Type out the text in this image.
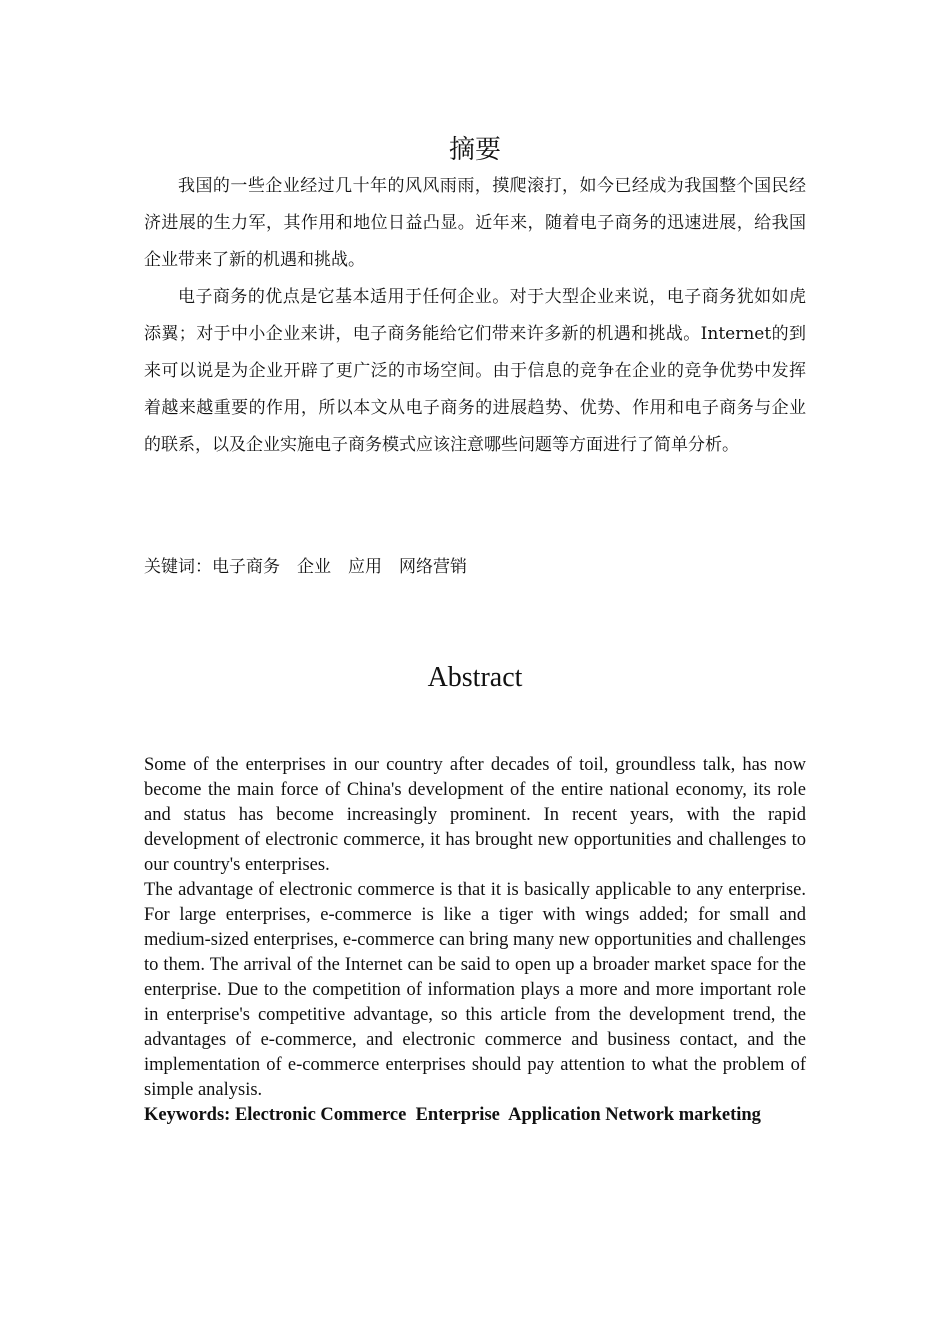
摘要

我国的一些企业经过几十年的风风雨雨，摸爬滚打，如今已经成为我国整个国民经济进展的生力军，其作用和地位日益凸显。近年来，随着电子商务的迅速进展，给我国企业带来了新的机遇和挑战。

电子商务的优点是它基本适用于任何企业。对于大型企业来说，电子商务犹如如虎添翼；对于中小企业来讲，电子商务能给它们带来许多新的机遇和挑战。Internet的到来可以说是为企业开辟了更广泛的市场空间。由于信息的竞争在企业的竞争优势中发挥着越来越重要的作用，所以本文从电子商务的进展趋势、优势、作用和电子商务与企业的联系，以及企业实施电子商务模式应该注意哪些问题等方面进行了简单分析。

关键词：电子商务　企业　应用　网络营销
Abstract

Some of the enterprises in our country after decades of toil, groundless talk, has now become the main force of China's development of the entire national economy, its role and status has become increasingly prominent. In recent years, with the rapid development of electronic commerce, it has brought new opportunities and challenges to our country's enterprises.

The advantage of electronic commerce is that it is basically applicable to any enterprise. For large enterprises, e-commerce is like a tiger with wings added; for small and medium-sized enterprises, e-commerce can bring many new opportunities and challenges to them. The arrival of the Internet can be said to open up a broader market space for the enterprise. Due to the competition of information plays a more and more important role in enterprise's competitive advantage, so this article from the development trend, the advantages of e-commerce, and electronic commerce and business contact, and the implementation of e-commerce enterprises should pay attention to what the problem of simple analysis.

Keywords: Electronic Commerce  Enterprise  Application Network marketing
